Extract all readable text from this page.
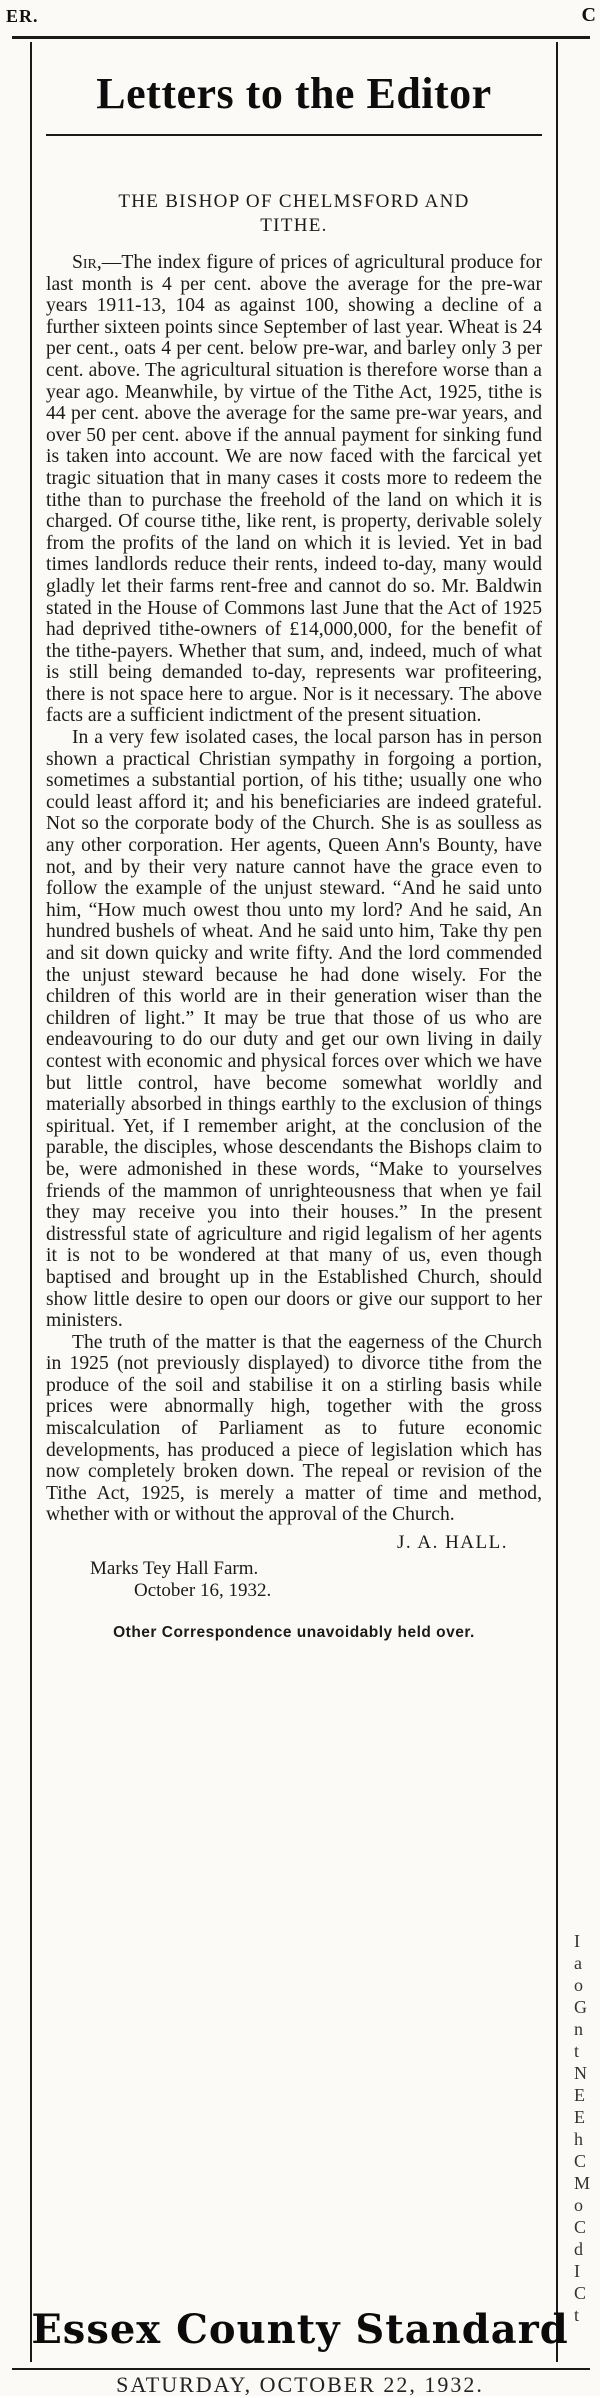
ER.	C
Letters to the Editor
THE BISHOP OF CHELMSFORD AND
TITHE.

Sir,—The index figure of prices of agricultural produce for last month is 4 per cent. above the average for the pre-war years 1911-13, 104 as against 100, showing a decline of a further sixteen points since September of last year. Wheat is 24 per cent., oats 4 per cent. below pre-war, and barley only 3 per cent. above. The agricultural situation is therefore worse than a year ago. Meanwhile, by virtue of the Tithe Act, 1925, tithe is 44 per cent. above the average for the same pre-war years, and over 50 per cent. above if the annual payment for sinking fund is taken into account. We are now faced with the farcical yet tragic situation that in many cases it costs more to redeem the tithe than to purchase the freehold of the land on which it is charged. Of course tithe, like rent, is property, derivable solely from the profits of the land on which it is levied. Yet in bad times landlords reduce their rents, indeed to-day, many would gladly let their farms rent-free and cannot do so. Mr. Baldwin stated in the House of Commons last June that the Act of 1925 had deprived tithe-owners of £14,000,000, for the benefit of the tithe-payers. Whether that sum, and, indeed, much of what is still being demanded to-day, represents war profiteering, there is not space here to argue. Nor is it necessary. The above facts are a sufficient indictment of the present situation.

In a very few isolated cases, the local parson has in person shown a practical Christian sympathy in forgoing a portion, sometimes a substantial portion, of his tithe; usually one who could least afford it; and his beneficiaries are indeed grateful. Not so the corporate body of the Church. She is as soulless as any other corporation. Her agents, Queen Ann's Bounty, have not, and by their very nature cannot have the grace even to follow the example of the unjust steward. “And he said unto him, “How much owest thou unto my lord? And he said, An hundred bushels of wheat. And he said unto him, Take thy pen and sit down quicky and write fifty. And the lord commended the unjust steward because he had done wisely. For the children of this world are in their generation wiser than the children of light.” It may be true that those of us who are endeavouring to do our duty and get our own living in daily contest with economic and physical forces over which we have but little control, have become somewhat worldly and materially absorbed in things earthly to the exclusion of things spiritual. Yet, if I remember aright, at the conclusion of the parable, the disciples, whose descendants the Bishops claim to be, were admonished in these words, “Make to yourselves friends of the mammon of unrighteousness that when ye fail they may receive you into their houses.” In the present distressful state of agriculture and rigid legalism of her agents it is not to be wondered at that many of us, even though baptised and brought up in the Established Church, should show little desire to open our doors or give our support to her ministers.

The truth of the matter is that the eagerness of the Church in 1925 (not previously displayed) to divorce tithe from the produce of the soil and stabilise it on a stirling basis while prices were abnormally high, together with the gross miscalculation of Parliament as to future economic developments, has produced a piece of legislation which has now completely broken down. The repeal or revision of the Tithe Act, 1925, is merely a matter of time and method, whether with or without the approval of the Church.

J. A. HALL.
Marks Tey Hall Farm.
October 16, 1932.
Other Correspondence unavoidably held over.
I
a
o
G
n
t
N
E
E
h
C
M
o
C
d
I
C
t
Essex County Standard
SATURDAY, OCTOBER 22, 1932.
